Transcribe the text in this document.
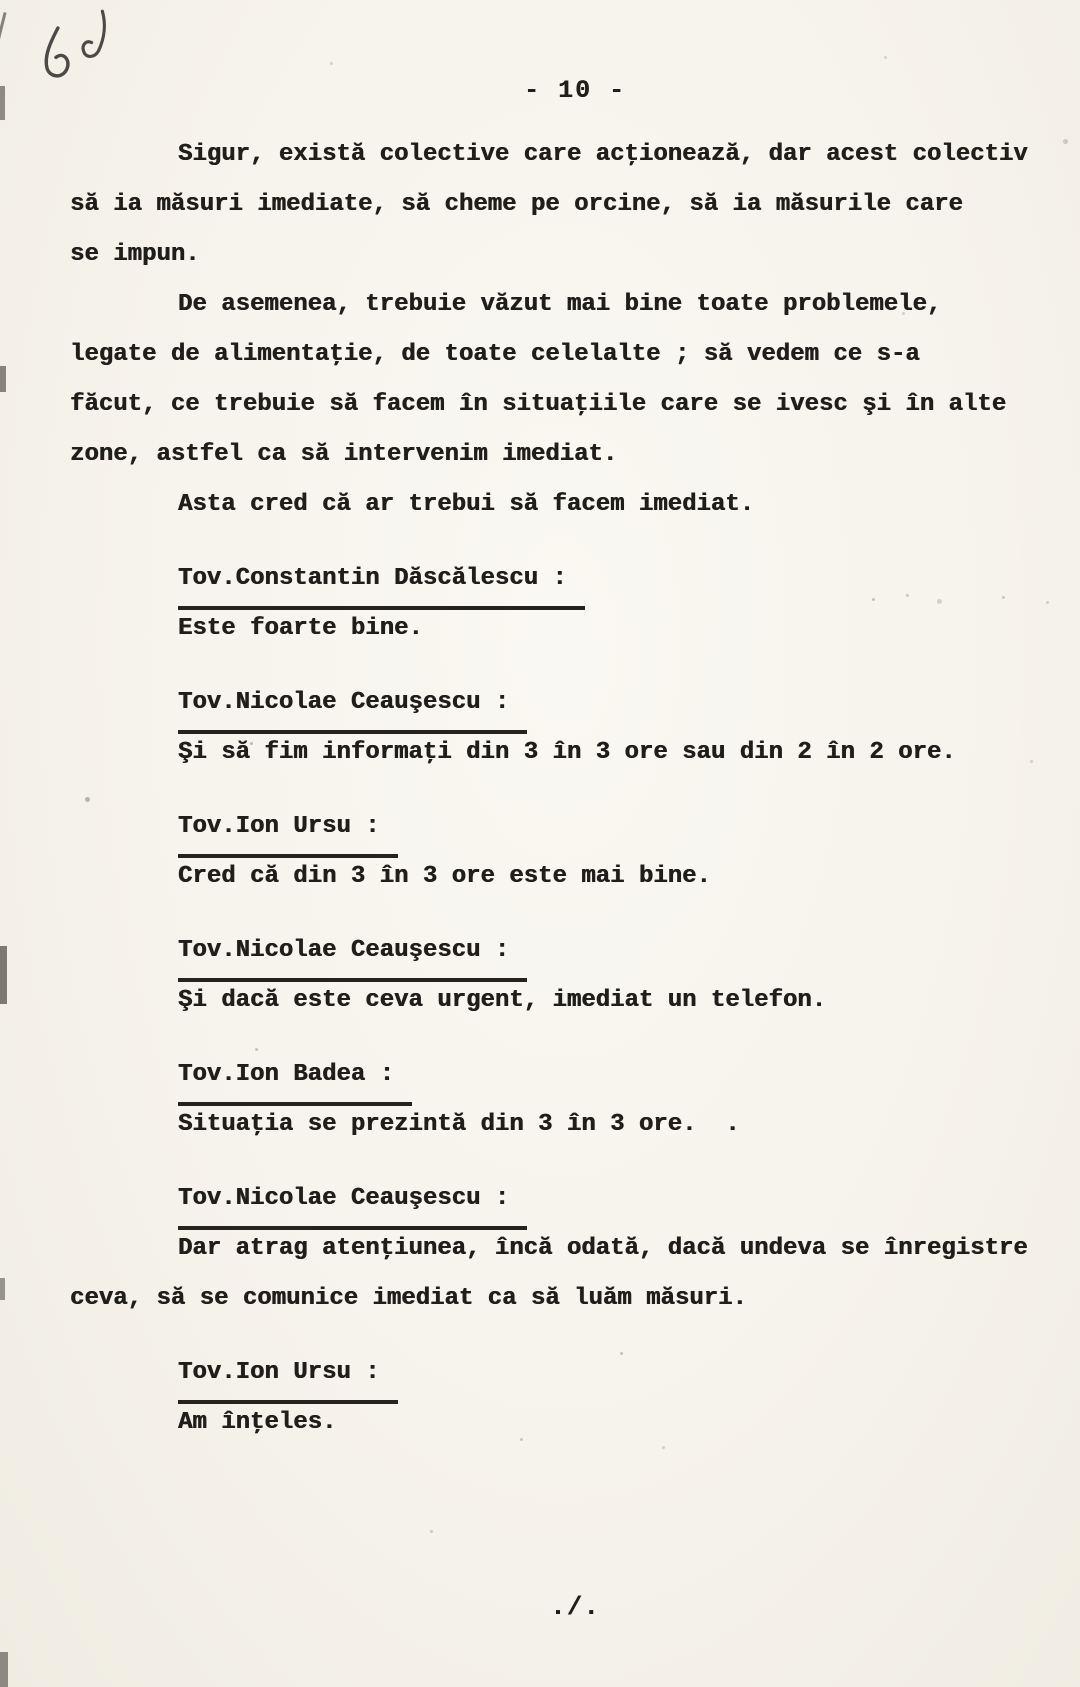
- 10 -
Sigur, există colective care acţionează, dar acest colectiv
să ia măsuri imediate, să cheme pe orcine, să ia măsurile care
se impun.
De asemenea, trebuie văzut mai bine toate problemele,
legate de alimentaţie, de toate celelalte ; să vedem ce s-a
făcut, ce trebuie să facem în situaţiile care se ivesc şi în alte
zone, astfel ca să intervenim imediat.
Asta cred că ar trebui să facem imediat.
Tov.Constantin Dăscălescu :
Este foarte bine.
Tov.Nicolae Ceauşescu :
Şi să fim informaţi din 3 în 3 ore sau din 2 în 2 ore.
Tov.Ion Ursu :
Cred că din 3 în 3 ore este mai bine.
Tov.Nicolae Ceauşescu :
Şi dacă este ceva urgent, imediat un telefon.
Tov.Ion Badea :
Situaţia se prezintă din 3 în 3 ore.  .
Tov.Nicolae Ceauşescu :
Dar atrag atenţiunea, încă odată, dacă undeva se înregistre
ceva, să se comunice imediat ca să luăm măsuri.
Tov.Ion Ursu :
Am înţeles.
./.
